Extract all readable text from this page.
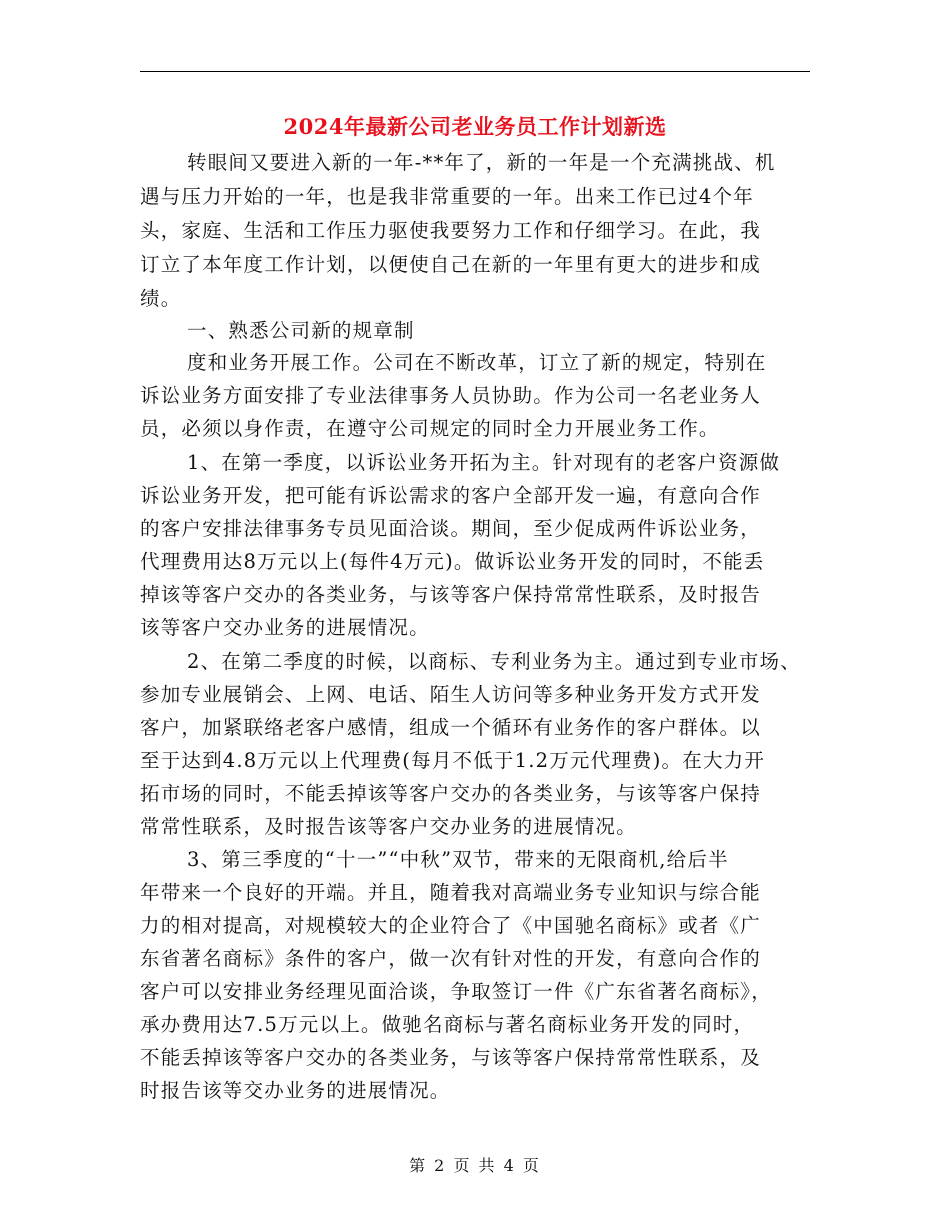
2024年最新公司老业务员工作计划新选
转眼间又要进入新的一年-**年了，新的一年是一个充满挑战、机
遇与压力开始的一年，也是我非常重要的一年。出来工作已过4个年
头，家庭、生活和工作压力驱使我要努力工作和仔细学习。在此，我
订立了本年度工作计划，以便使自己在新的一年里有更大的进步和成
绩。
一、熟悉公司新的规章制
度和业务开展工作。公司在不断改革，订立了新的规定，特别在
诉讼业务方面安排了专业法律事务人员协助。作为公司一名老业务人
员，必须以身作责，在遵守公司规定的同时全力开展业务工作。
1、在第一季度，以诉讼业务开拓为主。针对现有的老客户资源做
诉讼业务开发，把可能有诉讼需求的客户全部开发一遍，有意向合作
的客户安排法律事务专员见面洽谈。期间，至少促成两件诉讼业务，
代理费用达8万元以上(每件4万元)。做诉讼业务开发的同时，不能丢
掉该等客户交办的各类业务，与该等客户保持常常性联系，及时报告
该等客户交办业务的进展情况。
2、在第二季度的时候，以商标、专利业务为主。通过到专业市场、
参加专业展销会、上网、电话、陌生人访问等多种业务开发方式开发
客户，加紧联络老客户感情，组成一个循环有业务作的客户群体。以
至于达到4.8万元以上代理费(每月不低于1.2万元代理费)。在大力开
拓市场的同时，不能丢掉该等客户交办的各类业务，与该等客户保持
常常性联系，及时报告该等客户交办业务的进展情况。
3、第三季度的“十一”“中秋”双节，带来的无限商机,给后半
年带来一个良好的开端。并且，随着我对高端业务专业知识与综合能
力的相对提高，对规模较大的企业符合了《中国驰名商标》或者《广
东省著名商标》条件的客户，做一次有针对性的开发，有意向合作的
客户可以安排业务经理见面洽谈，争取签订一件《广东省著名商标》，
承办费用达7.5万元以上。做驰名商标与著名商标业务开发的同时，
不能丢掉该等客户交办的各类业务，与该等客户保持常常性联系，及
时报告该等交办业务的进展情况。
第 2 页 共 4 页
